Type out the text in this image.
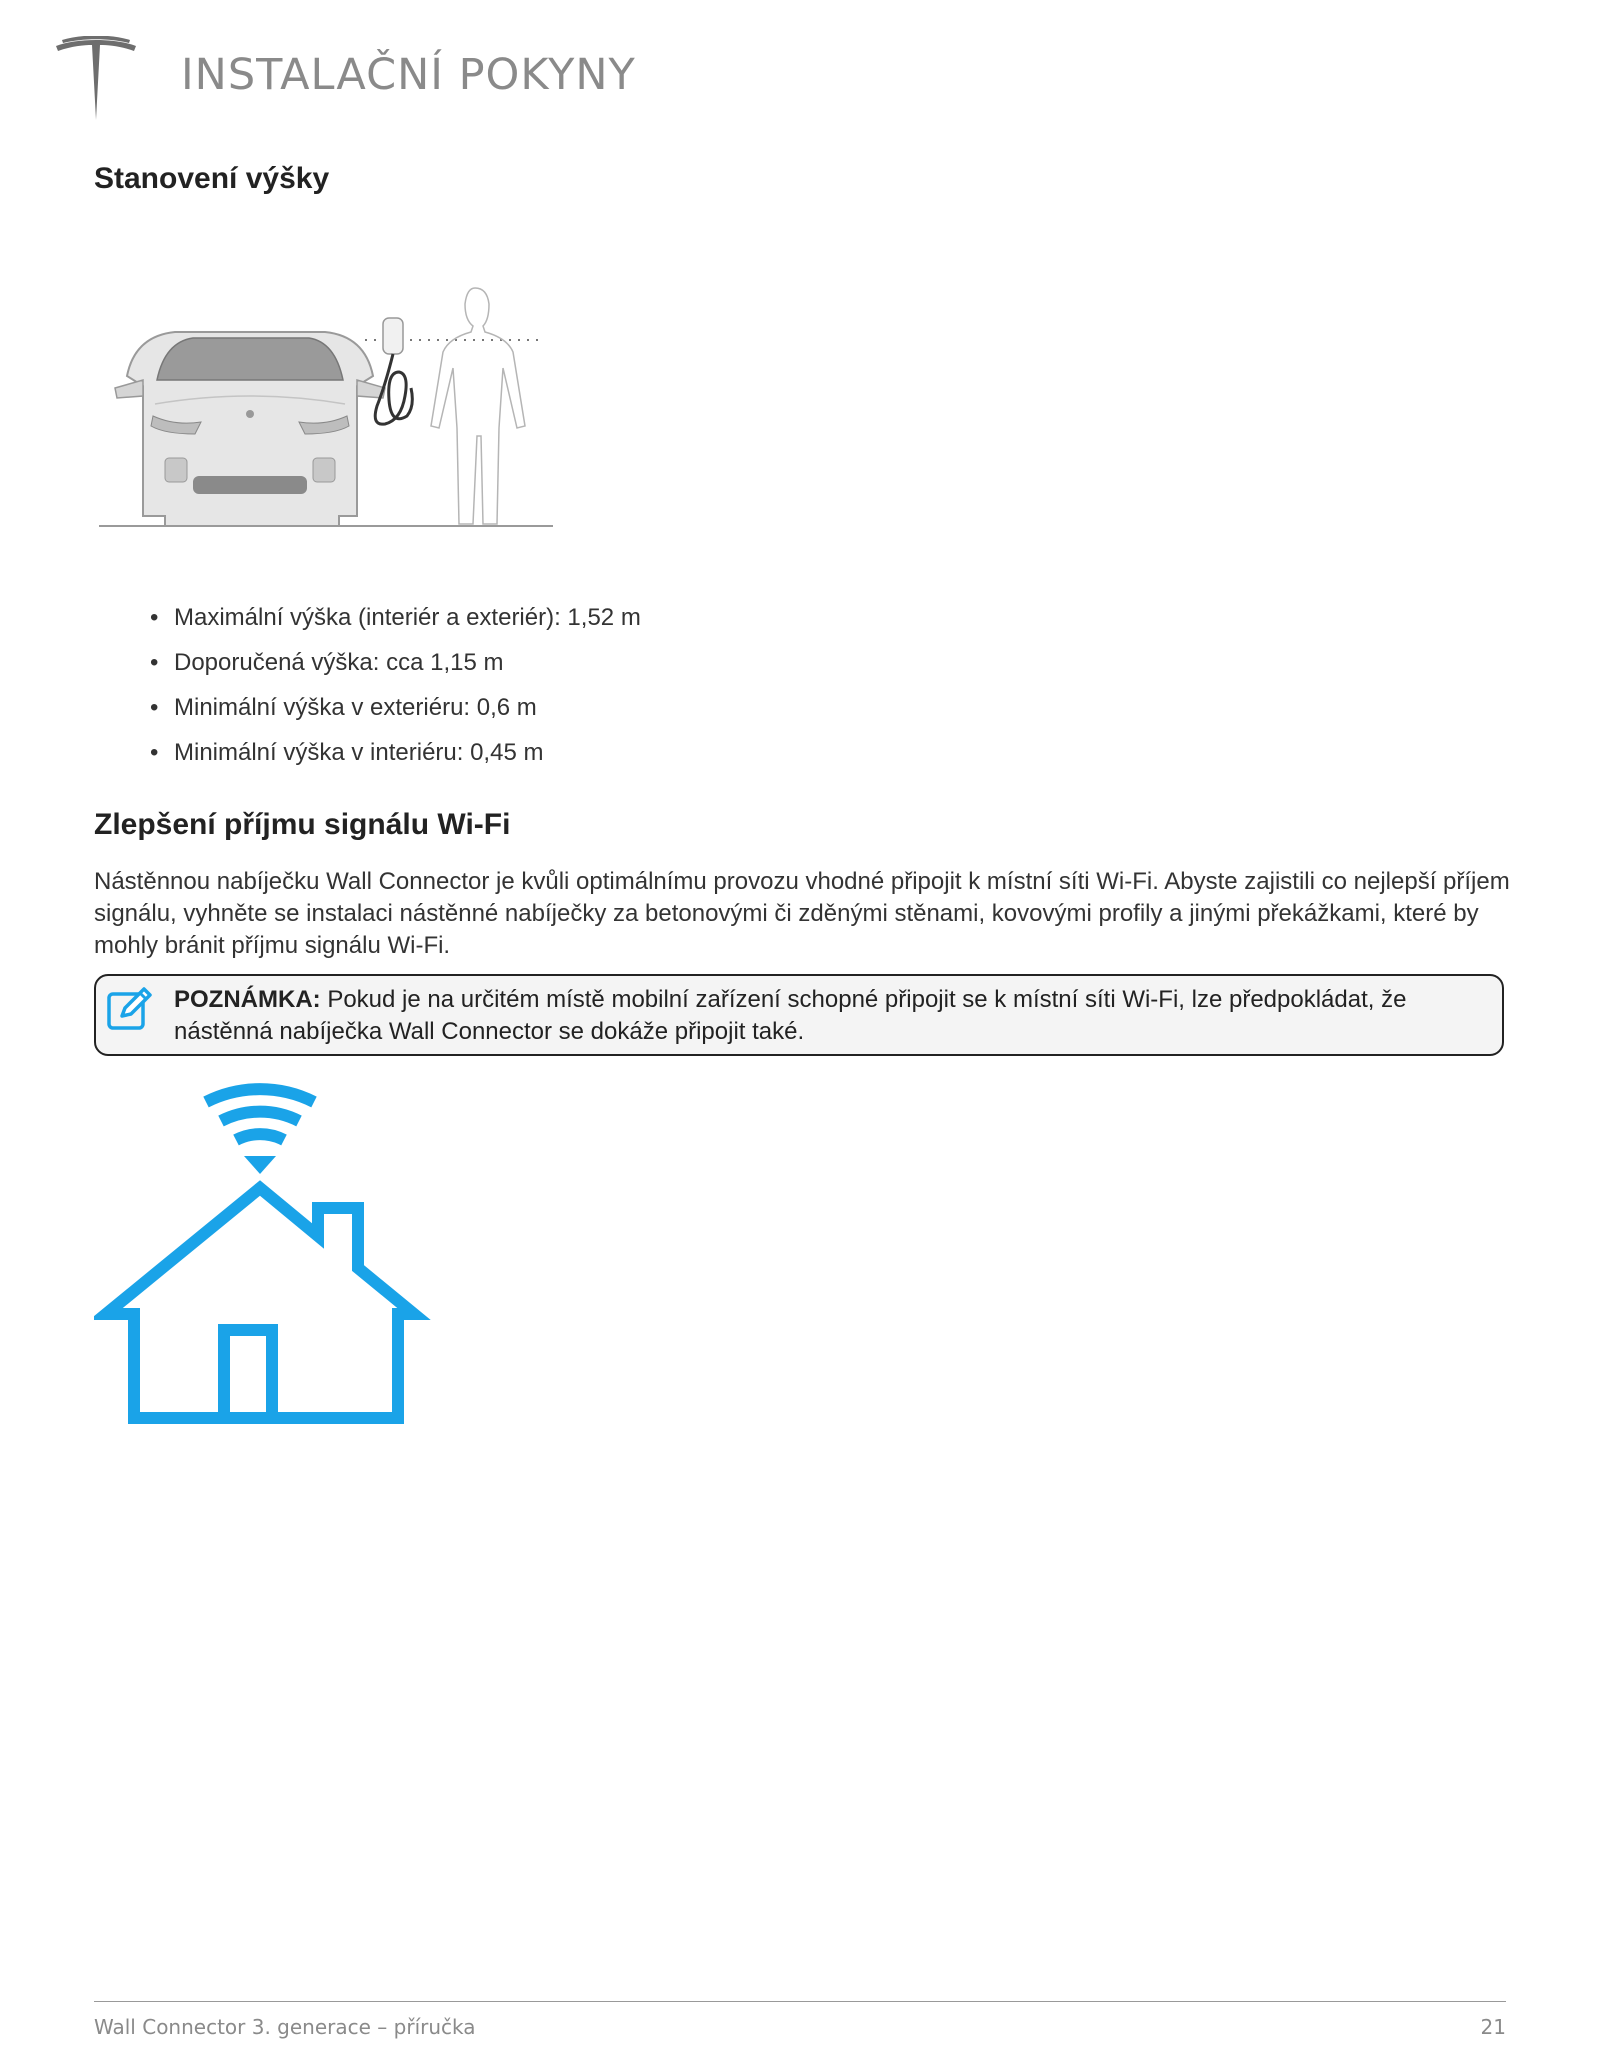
INSTALAČNÍ POKYNY
Stanovení výšky
• Maximální výška (interiér a exteriér): 1,52 m
• Doporučená výška: cca 1,15 m
• Minimální výška v exteriéru: 0,6 m
• Minimální výška v interiéru: 0,45 m
Zlepšení příjmu signálu Wi-Fi

Nástěnnou nabíječku Wall Connector je kvůli optimálnímu provozu vhodné připojit k místní síti Wi-Fi. Abyste zajistili co nejlepší příjem signálu, vyhněte se instalaci nástěnné nabíječky za betonovými či zděnými stěnami, kovovými profily a jinými překážkami, které by mohly bránit příjmu signálu Wi-Fi.

POZNÁMKA: Pokud je na určitém místě mobilní zařízení schopné připojit se k místní síti Wi-Fi, lze předpokládat, že nástěnná nabíječka Wall Connector se dokáže připojit také.

Wall Connector 3. generace – příručka	21
